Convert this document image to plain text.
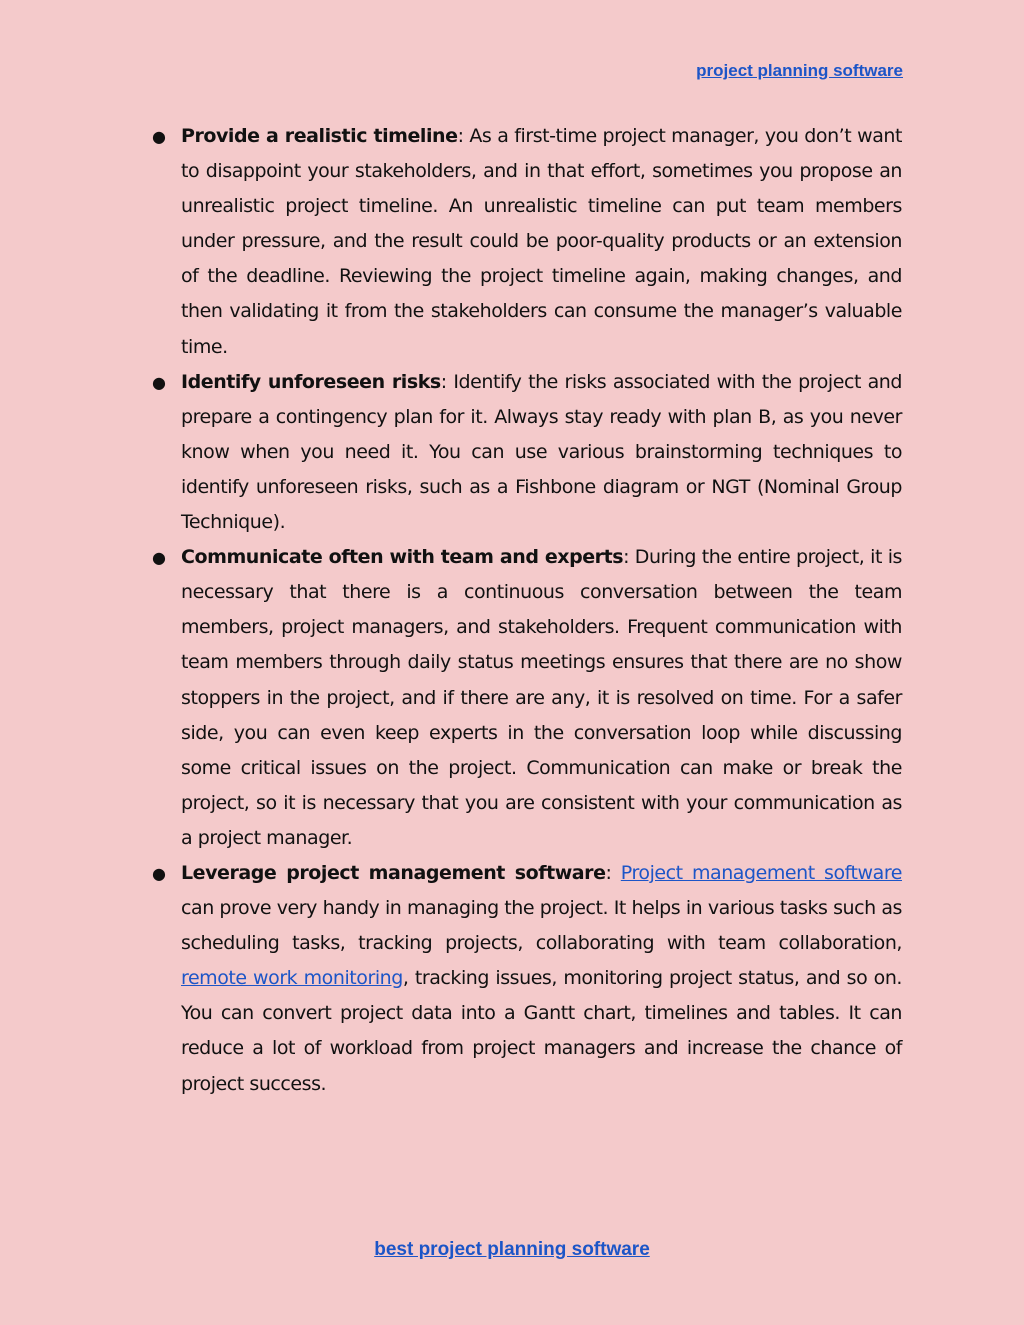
project planning software
● Provide a realistic timeline: As a first-time project manager, you don’t want to disappoint your stakeholders, and in that effort, sometimes you propose an unrealistic project timeline. An unrealistic timeline can put team members under pressure, and the result could be poor-quality products or an extension of the deadline. Reviewing the project timeline again, making changes, and then validating it from the stakeholders can consume the manager’s valuable time.
● Identify unforeseen risks: Identify the risks associated with the project and prepare a contingency plan for it. Always stay ready with plan B, as you never know when you need it. You can use various brainstorming techniques to identify unforeseen risks, such as a Fishbone diagram or NGT (Nominal Group Technique).
● Communicate often with team and experts: During the entire project, it is necessary that there is a continuous conversation between the team members, project managers, and stakeholders. Frequent communication with team members through daily status meetings ensures that there are no show stoppers in the project, and if there are any, it is resolved on time. For a safer side, you can even keep experts in the conversation loop while discussing some critical issues on the project. Communication can make or break the project, so it is necessary that you are consistent with your communication as a project manager.
● Leverage project management software: Project management software can prove very handy in managing the project. It helps in various tasks such as scheduling tasks, tracking projects, collaborating with team collaboration, remote work monitoring, tracking issues, monitoring project status, and so on. You can convert project data into a Gantt chart, timelines and tables. It can reduce a lot of workload from project managers and increase the chance of project success.
best project planning software
